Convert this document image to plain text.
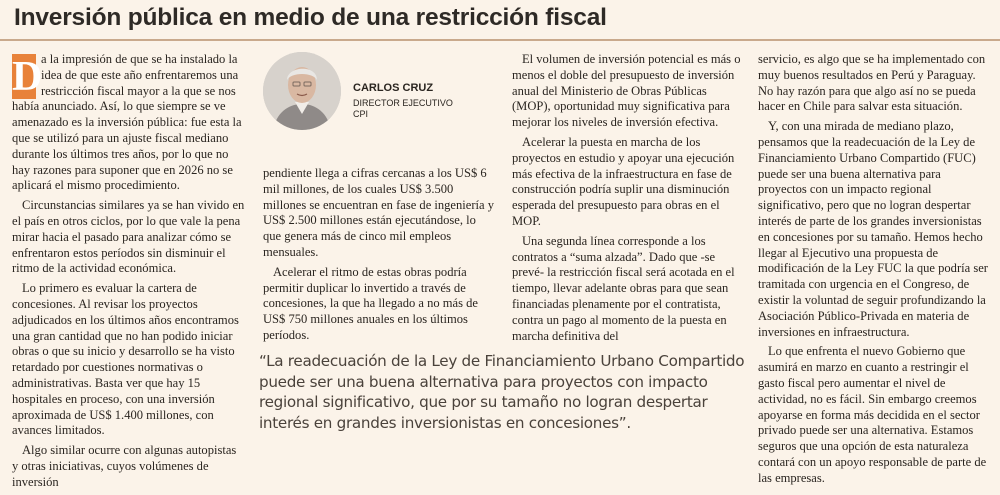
Inversión pública en medio de una restricción fiscal

D
a la impresión de que se ha instalado la idea de que este año enfrentaremos una restricción fiscal mayor a la que se nos había anunciado. Así, lo que siempre se ve amenazado es la inversión pública: fue esta la que se utilizó para un ajuste fiscal mediano durante los últimos tres años, por lo que no hay razones para suponer que en 2026 no se aplicará el mismo procedimiento.

Circunstancias similares ya se han vivido en el país en otros ciclos, por lo que vale la pena mirar hacia el pasado para analizar cómo se enfrentaron estos períodos sin disminuir el ritmo de la actividad económica.

Lo primero es evaluar la cartera de concesiones. Al revisar los proyectos adjudicados en los últimos años encontramos una gran cantidad que no han podido iniciar obras o que su inicio y desarrollo se ha visto retardado por cuestiones normativas o administrativas. Basta ver que hay 15 hospitales en proceso, con una inversión aproximada de US$ 1.400 millones, con avances limitados.

Algo similar ocurre con algunas autopistas y otras iniciativas, cuyos volúmenes de inversión

CARLOS CRUZ
DIRECTOR EJECUTIVO
CPI

pendiente llega a cifras cercanas a los US$ 6 mil millones, de los cuales US$ 3.500 millones se encuentran en fase de ingeniería y US$ 2.500 millones están ejecutándose, lo que genera más de cinco mil empleos mensuales.

Acelerar el ritmo de estas obras podría permitir duplicar lo invertido a través de concesiones, la que ha llegado a no más de US$ 750 millones anuales en los últimos períodos.

El volumen de inversión potencial es más o menos el doble del presupuesto de inversión anual del Ministerio de Obras Públicas (MOP), oportunidad muy significativa para mejorar los niveles de inversión efectiva.

Acelerar la puesta en marcha de los proyectos en estudio y apoyar una ejecución más efectiva de la infraestructura en fase de construcción podría suplir una disminución esperada del presupuesto para obras en el MOP.

Una segunda línea corresponde a los contratos a “suma alzada”. Dado que -se prevé- la restricción fiscal será acotada en el tiempo, llevar adelante obras para que sean financiadas plenamente por el contratista, contra un pago al momento de la puesta en marcha definitiva del

servicio, es algo que se ha implementado con muy buenos resultados en Perú y Paraguay. No hay razón para que algo así no se pueda hacer en Chile para salvar esta situación.

Y, con una mirada de mediano plazo, pensamos que la readecuación de la Ley de Financiamiento Urbano Compartido (FUC) puede ser una buena alternativa para proyectos con un impacto regional significativo, pero que no logran despertar interés de parte de los grandes inversionistas en concesiones por su tamaño. Hemos hecho llegar al Ejecutivo una propuesta de modificación de la Ley FUC la que podría ser tramitada con urgencia en el Congreso, de existir la voluntad de seguir profundizando la Asociación Público-Privada en materia de inversiones en infraestructura.

Lo que enfrenta el nuevo Gobierno que asumirá en marzo en cuanto a restringir el gasto fiscal pero aumentar el nivel de actividad, no es fácil. Sin embargo creemos apoyarse en forma más decidida en el sector privado puede ser una alternativa. Estamos seguros que una opción de esta naturaleza contará con un apoyo responsable de parte de las empresas.

“La readecuación de la Ley de Financiamiento Urbano Compartido puede ser una buena alternativa para proyectos con impacto regional significativo, que por su tamaño no logran despertar interés en grandes inversionistas en concesiones”.
